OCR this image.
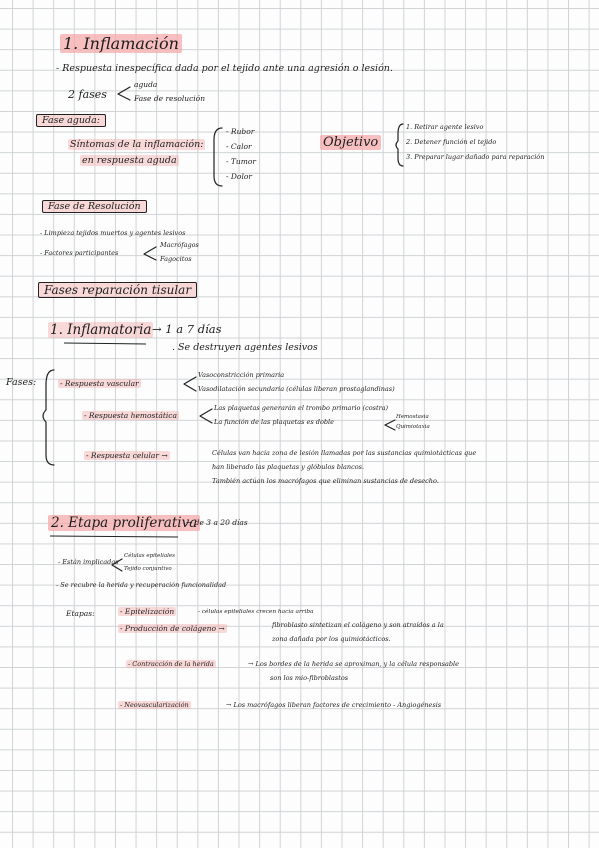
1. Inflamación
- Respuesta inespecífica dada por el tejido ante una agresión o lesión.
2 fases
aguda
Fase de resolución
Fase aguda:
Síntomas de la inflamación:
en respuesta aguda
- Rubor
- Calor
- Tumor
- Dolor
Objetivo
1. Retirar agente lesivo
2. Detener función el tejido
3. Preparar lugar dañado para reparación
Fase de Resolución
- Limpieza tejidos muertos y agentes lesivos
- Factores participantes
Macrófagos
Fagocitos
Fases reparación tisular
1. Inflamatoria → 1 a 7 días
. Se destruyen agentes lesivos
Fases:	- Respuesta vascular
Vasoconstricción primaria
Vasodilatación secundaria (células liberan prostaglandinas)
- Respuesta hemostática
Las plaquetas generarán el trombo primario (costra)
La función de las plaquetas es doble
Hemostasia
Quimiotaxia
- Respuesta celular →	Células van hacia zona de lesión llamadas por las sustancias quimiotácticas que
han liberado las plaquetas y glóbulos blancos.
También actúan los macrófagos que eliminan sustancias de desecho.
2. Etapa proliferativa
→ de 3 a 20 días
- Están implicadas
Células epiteliales
Tejido conjuntivo
- Se recubre la herida y recuperación funcionalidad
Etapas:	- Epitelización	- células epiteliales crecen hacia arriba
- Producción de colágeno →	fibroblasto sintetizan el colágeno y son atraídos a la
zona dañada por los quimiotácticos.
- Contracción de la herida	→ Los bordes de la herida se aproximan, y la célula responsable
son los mio-fibroblastos
- Neovascularización	→ Los macrófagos liberan factores de crecimiento - Angiogénesis
